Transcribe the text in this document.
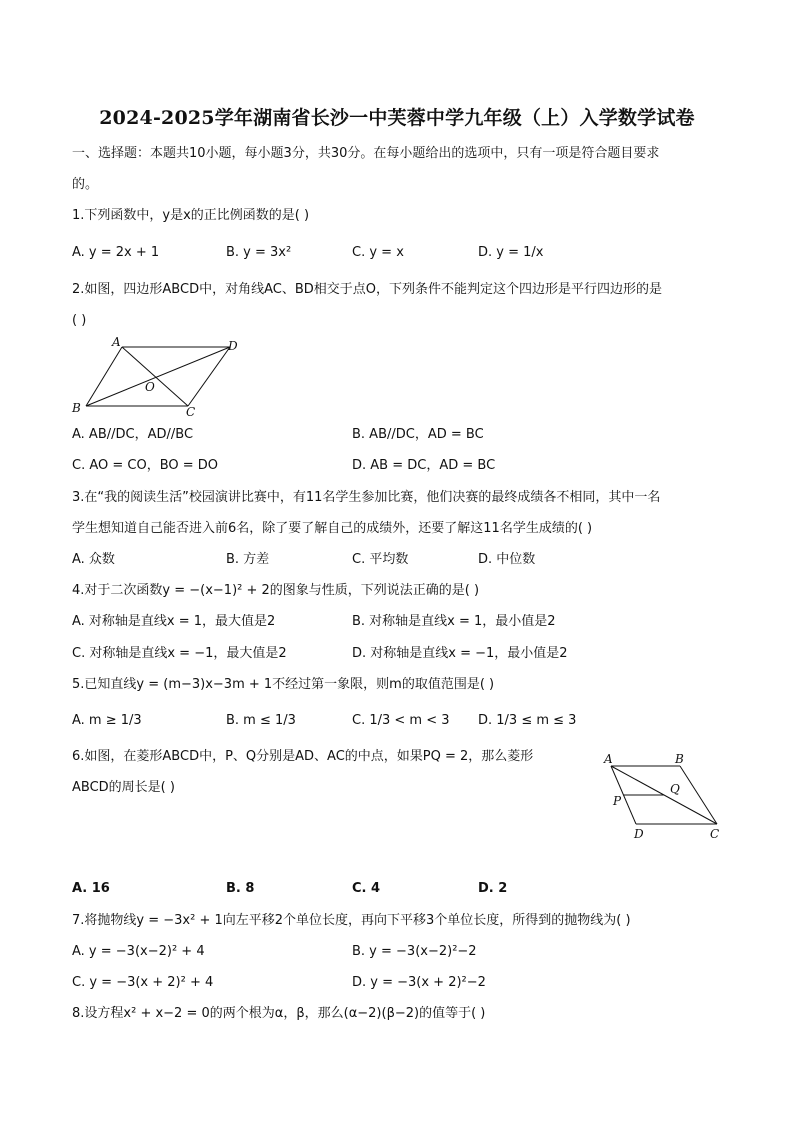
2024-2025学年湖南省长沙一中芙蓉中学九年级（上）入学数学试卷
一、选择题：本题共10小题，每小题3分，共30分。在每小题给出的选项中，只有一项是符合题目要求
的。
1.下列函数中，y是x的正比例函数的是( )
A. y = 2x + 1	B. y = 3x²	C. y = x	D. y = 1/x
2.如图，四边形ABCD中，对角线AC、BD相交于点O，下列条件不能判定这个四边形是平行四边形的是
( )
A	D
O
B	C
A. AB//DC，AD//BC	B. AB//DC，AD = BC
C. AO = CO，BO = DO	D. AB = DC，AD = BC
3.在“我的阅读生活”校园演讲比赛中，有11名学生参加比赛，他们决赛的最终成绩各不相同，其中一名
学生想知道自己能否进入前6名，除了要了解自己的成绩外，还要了解这11名学生成绩的( )
A. 众数	B. 方差	C. 平均数	D. 中位数
4.对于二次函数y = −(x−1)² + 2的图象与性质，下列说法正确的是( )
A. 对称轴是直线x = 1，最大值是2	B. 对称轴是直线x = 1，最小值是2
C. 对称轴是直线x = −1，最大值是2	D. 对称轴是直线x = −1，最小值是2
5.已知直线y = (m−3)x−3m + 1不经过第一象限，则m的取值范围是( )
A. m ≥ 1/3	B. m ≤ 1/3	C. 1/3 < m < 3 D. 1/3 ≤ m ≤ 3
6.如图，在菱形ABCD中，P、Q分别是AD、AC的中点，如果PQ = 2，那么菱形
ABCD的周长是( )
A	B
P
Q
D	C
A. 16	B. 8	C. 4	D. 2
7.将抛物线y = −3x² + 1向左平移2个单位长度，再向下平移3个单位长度，所得到的抛物线为( )
A. y = −3(x−2)² + 4	B. y = −3(x−2)²−2
C. y = −3(x + 2)² + 4	D. y = −3(x + 2)²−2
8.设方程x² + x−2 = 0的两个根为α，β，那么(α−2)(β−2)的值等于( )
